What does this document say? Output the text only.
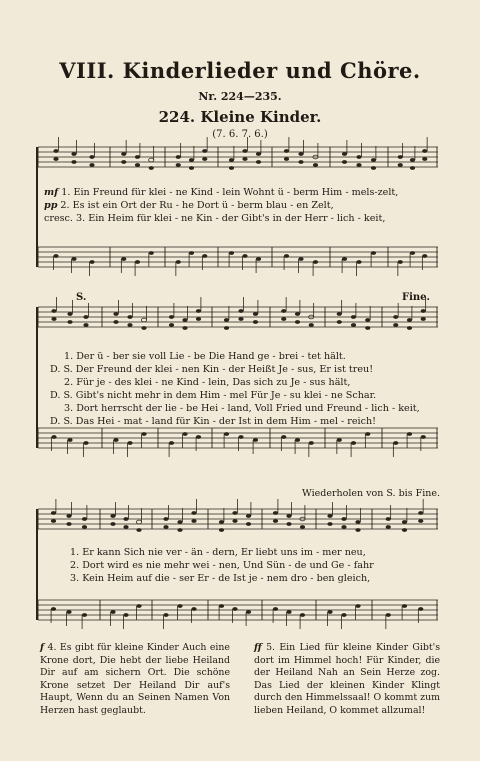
VIII. Kinderlieder und Chöre.
Nr. 224—235.
224. Kleine Kinder.
(7. 6. 7. 6.)
mf 1. Ein Freund für klei - ne Kind - lein Wohnt ü - berm Him - mels-zelt,
pp 2. Es ist ein Ort der Ru - he Dort ü - berm blau - en Zelt,
cresc. 3. Ein Heim für klei - ne Kin - der Gibt's in der Herr - lich - keit,
S.	Fine.
1. Der ü - ber sie voll Lie - be Die Hand ge - brei - tet hält.
D. S. Der Freund der klei - nen Kin - der Heißt Je - sus, Er ist treu!
2. Für je - des klei - ne Kind - lein, Das sich zu Je - sus hält,
D. S. Gibt's nicht mehr in dem Him - mel Für Je - su klei - ne Schar.
3. Dort herrscht der lie - be Hei - land, Voll Fried und Freund - lich - keit,
D. S. Das Hei - mat - land für Kin - der Ist in dem Him - mel - reich!
Wiederholen von S. bis Fine.
1. Er kann Sich nie ver - än - dern, Er liebt uns im - mer neu,
2. Dort wird es nie mehr wei - nen, Und Sün - de und Ge - fahr
3. Kein Heim auf die - ser Er - de Ist je - nem dro - ben gleich,
f 4. Es gibt für kleine Kinder Auch eine Krone dort, Die hebt der liebe Heiland Dir auf am sichern Ort. Die schöne Krone setzet Der Heiland Dir auf's Haupt, Wenn du an Seinen Namen Von Herzen hast geglaubt.
ff 5. Ein Lied für kleine Kinder Gibt's dort im Himmel hoch! Für Kinder, die der Heiland Nah an Sein Herze zog. Das Lied der kleinen Kinder Klingt durch den Himmelssaal! O kommt zum lieben Heiland, O kommet allzumal!
